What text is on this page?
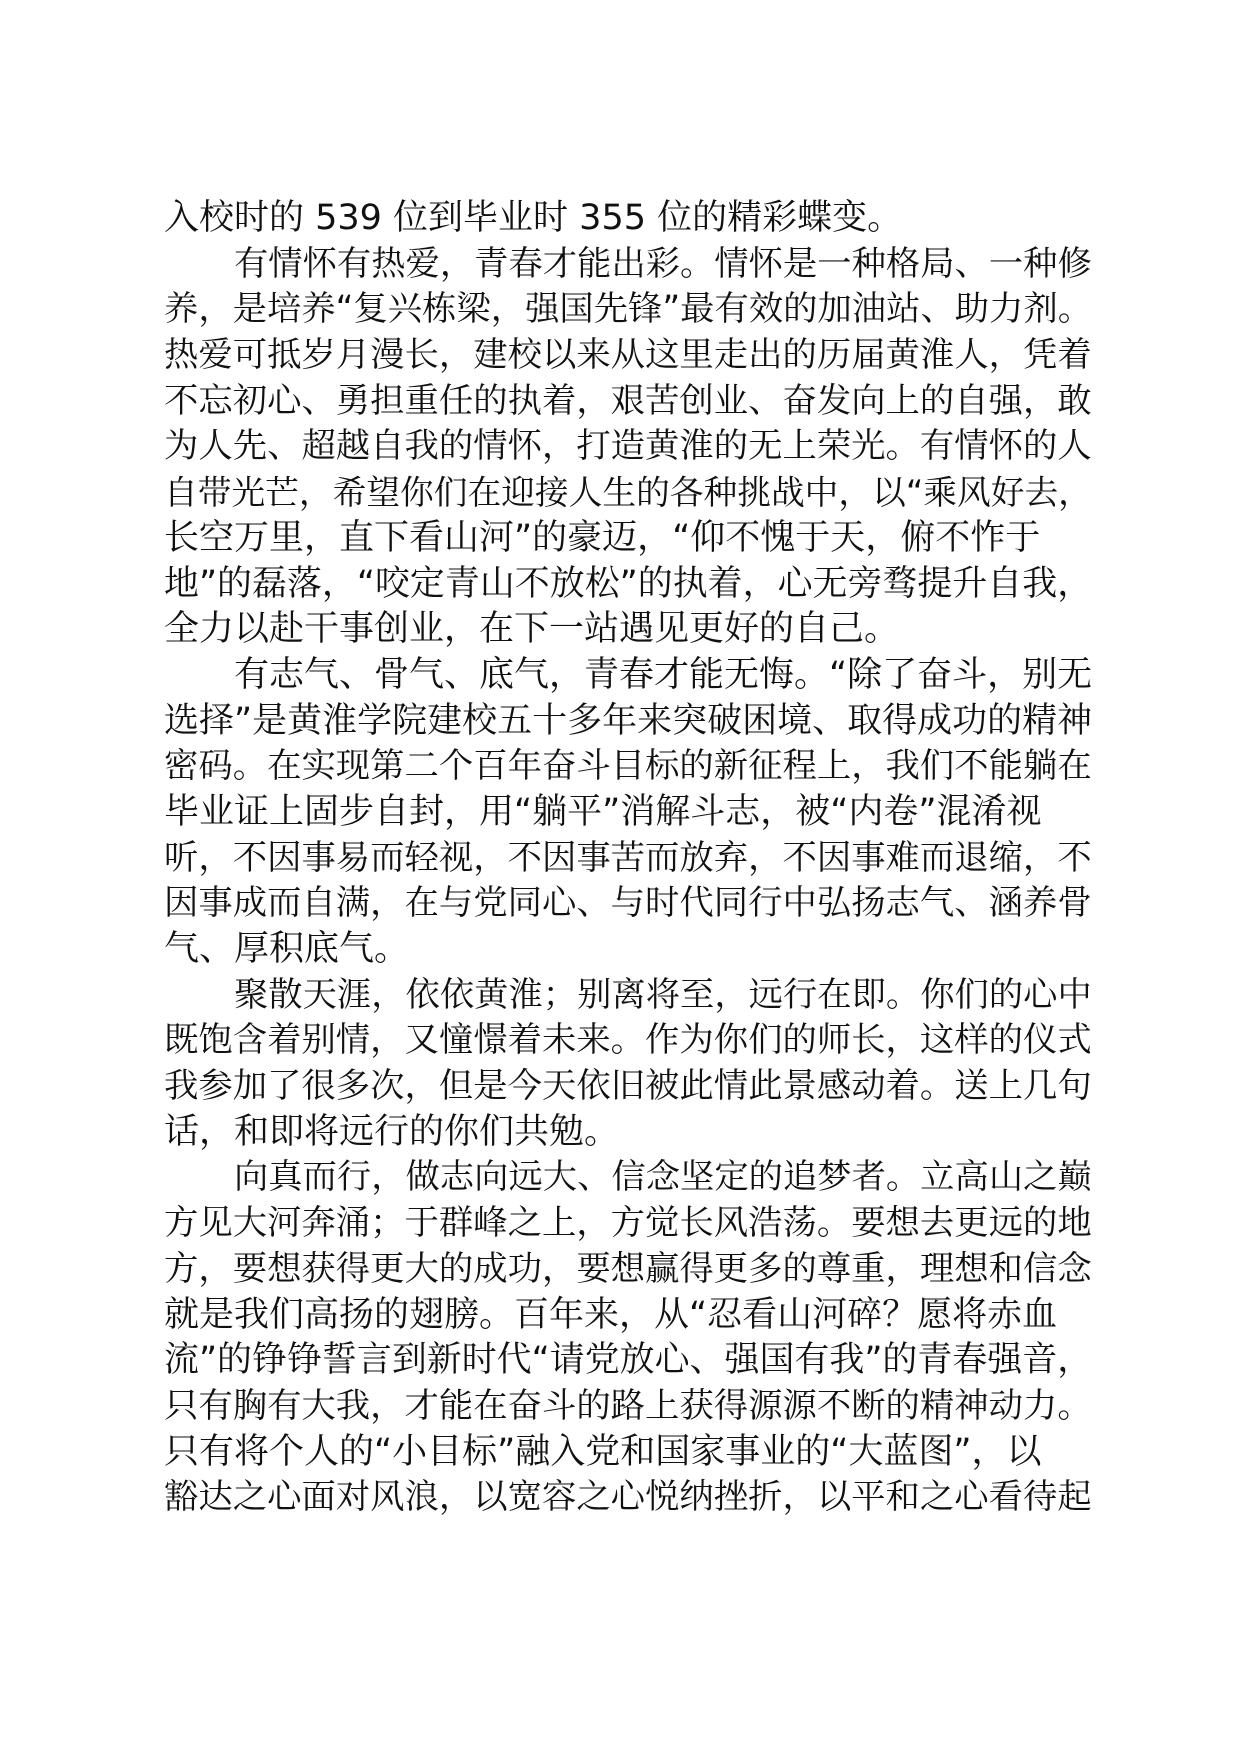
入校时的 539 位到毕业时 355 位的精彩蝶变。
有情怀有热爱，青春才能出彩。情怀是一种格局、一种修
养，是培养“复兴栋梁，强国先锋”最有效的加油站、助力剂。
热爱可抵岁月漫长，建校以来从这里走出的历届黄淮人，凭着
不忘初心、勇担重任的执着，艰苦创业、奋发向上的自强，敢
为人先、超越自我的情怀，打造黄淮的无上荣光。有情怀的人
自带光芒，希望你们在迎接人生的各种挑战中，以“乘风好去，
长空万里，直下看山河”的豪迈，“仰不愧于天，俯不怍于
地”的磊落，“咬定青山不放松”的执着，心无旁骛提升自我，
全力以赴干事创业，在下一站遇见更好的自己。
有志气、骨气、底气，青春才能无悔。“除了奋斗，别无
选择”是黄淮学院建校五十多年来突破困境、取得成功的精神
密码。在实现第二个百年奋斗目标的新征程上，我们不能躺在
毕业证上固步自封，用“躺平”消解斗志，被“内卷”混淆视
听，不因事易而轻视，不因事苦而放弃，不因事难而退缩，不
因事成而自满，在与党同心、与时代同行中弘扬志气、涵养骨
气、厚积底气。
聚散天涯，依依黄淮；别离将至，远行在即。你们的心中
既饱含着别情，又憧憬着未来。作为你们的师长，这样的仪式
我参加了很多次，但是今天依旧被此情此景感动着。送上几句
话，和即将远行的你们共勉。
向真而行，做志向远大、信念坚定的追梦者。立高山之巅
方见大河奔涌；于群峰之上，方觉长风浩荡。要想去更远的地
方，要想获得更大的成功，要想赢得更多的尊重，理想和信念
就是我们高扬的翅膀。百年来，从“忍看山河碎？愿将赤血
流”的铮铮誓言到新时代“请党放心、强国有我”的青春强音，
只有胸有大我，才能在奋斗的路上获得源源不断的精神动力。
只有将个人的“小目标”融入党和国家事业的“大蓝图”，以
豁达之心面对风浪，以宽容之心悦纳挫折，以平和之心看待起
